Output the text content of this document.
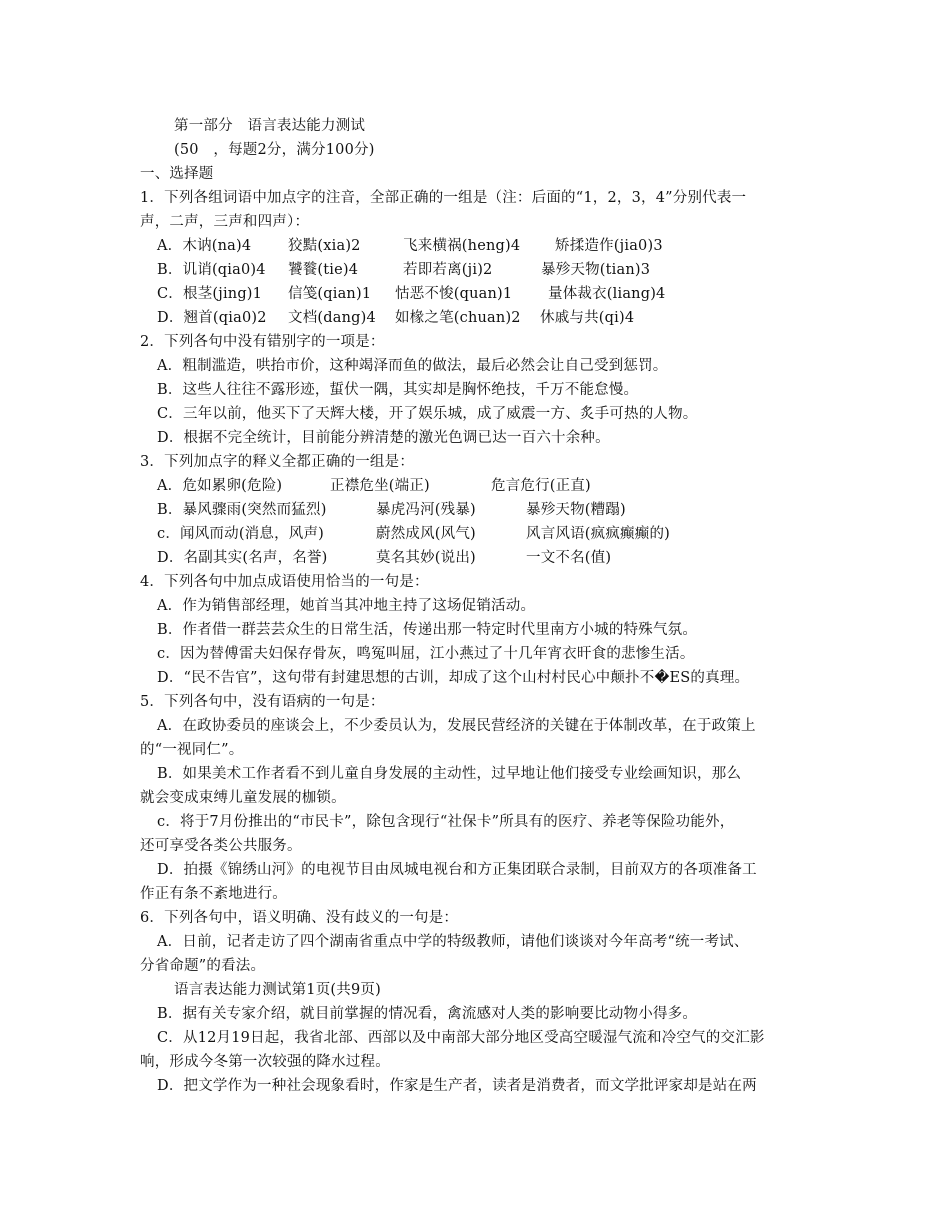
第一部分　语言表达能力测试
(50　，每题2分，满分100分)
一、选择题
1．下列各组词语中加点字的注音，全部正确的一组是（注：后面的“1，2，3，4”分别代表一
声，二声，三声和四声）：
A．木讷(na)4	狡黠(xia)2	飞来横祸(heng)4 矫揉造作(jia0)3
B．讥诮(qia0)4 饕餮(tie)4	若即若离(ji)2	暴殄天物(tian)3
C．根茎(jing)1 信笺(qian)1 怙恶不悛(quan)1 量体裁衣(liang)4
D．翘首(qia0)2 文档(dang)4 如椽之笔(chuan)2 休戚与共(qi)4
2．下列各句中没有错别字的一项是：
A．粗制滥造，哄抬市价，这种竭泽而鱼的做法，最后必然会让自己受到惩罚。
B．这些人往往不露形迹，蜇伏一隅，其实却是胸怀绝技，千万不能怠慢。
C．三年以前，他买下了天辉大楼，开了娱乐城，成了威震一方、炙手可热的人物。
D．根据不完全统计，目前能分辨清楚的激光色调已达一百六十余种。
3．下列加点字的释义全都正确的一组是：
A．危如累卵(危险)	正襟危坐(端正)	危言危行(正直)
B．暴风骤雨(突然而猛烈)	暴虎冯河(残暴)	暴殄天物(糟蹋)
c．闻风而动(消息，风声)	蔚然成风(风气)	风言风语(疯疯癫癫的)
D．名副其实(名声，名誉)	莫名其妙(说出)	一文不名(值)
4．下列各句中加点成语使用恰当的一句是：
A．作为销售部经理，她首当其冲地主持了这场促销活动。
B．作者借一群芸芸众生的日常生活，传递出那一特定时代里南方小城的特殊气氛。
c．因为替傅雷夫妇保存骨灰，鸣冤叫屈，江小燕过了十几年宵衣旰食的悲惨生活。
D．“民不告官”，这句带有封建思想的古训，却成了这个山村村民心中颠扑不�ES的真理。
5．下列各句中，没有语病的一句是：
A．在政协委员的座谈会上，不少委员认为，发展民营经济的关键在于体制改革，在于政策上
的“一视同仁”。
B．如果美术工作者看不到儿童自身发展的主动性，过早地让他们接受专业绘画知识，那么
就会变成束缚儿童发展的枷锁。
c．将于7月份推出的“市民卡”，除包含现行“社保卡”所具有的医疗、养老等保险功能外，
还可享受各类公共服务。
D．拍摄《锦绣山河》的电视节目由凤城电视台和方正集团联合录制，目前双方的各项准备工
作正有条不紊地进行。
6．下列各句中，语义明确、没有歧义的一句是：
A．日前，记者走访了四个湖南省重点中学的特级教师，请他们谈谈对今年高考“统一考试、
分省命题”的看法。
语言表达能力测试第1页(共9页)
B．据有关专家介绍，就目前掌握的情况看，禽流感对人类的影响要比动物小得多。
C．从12月19日起，我省北部、西部以及中南部大部分地区受高空暖湿气流和冷空气的交汇影
响，形成今冬第一次较强的降水过程。
D．把文学作为一种社会现象看时，作家是生产者，读者是消费者，而文学批评家却是站在两
